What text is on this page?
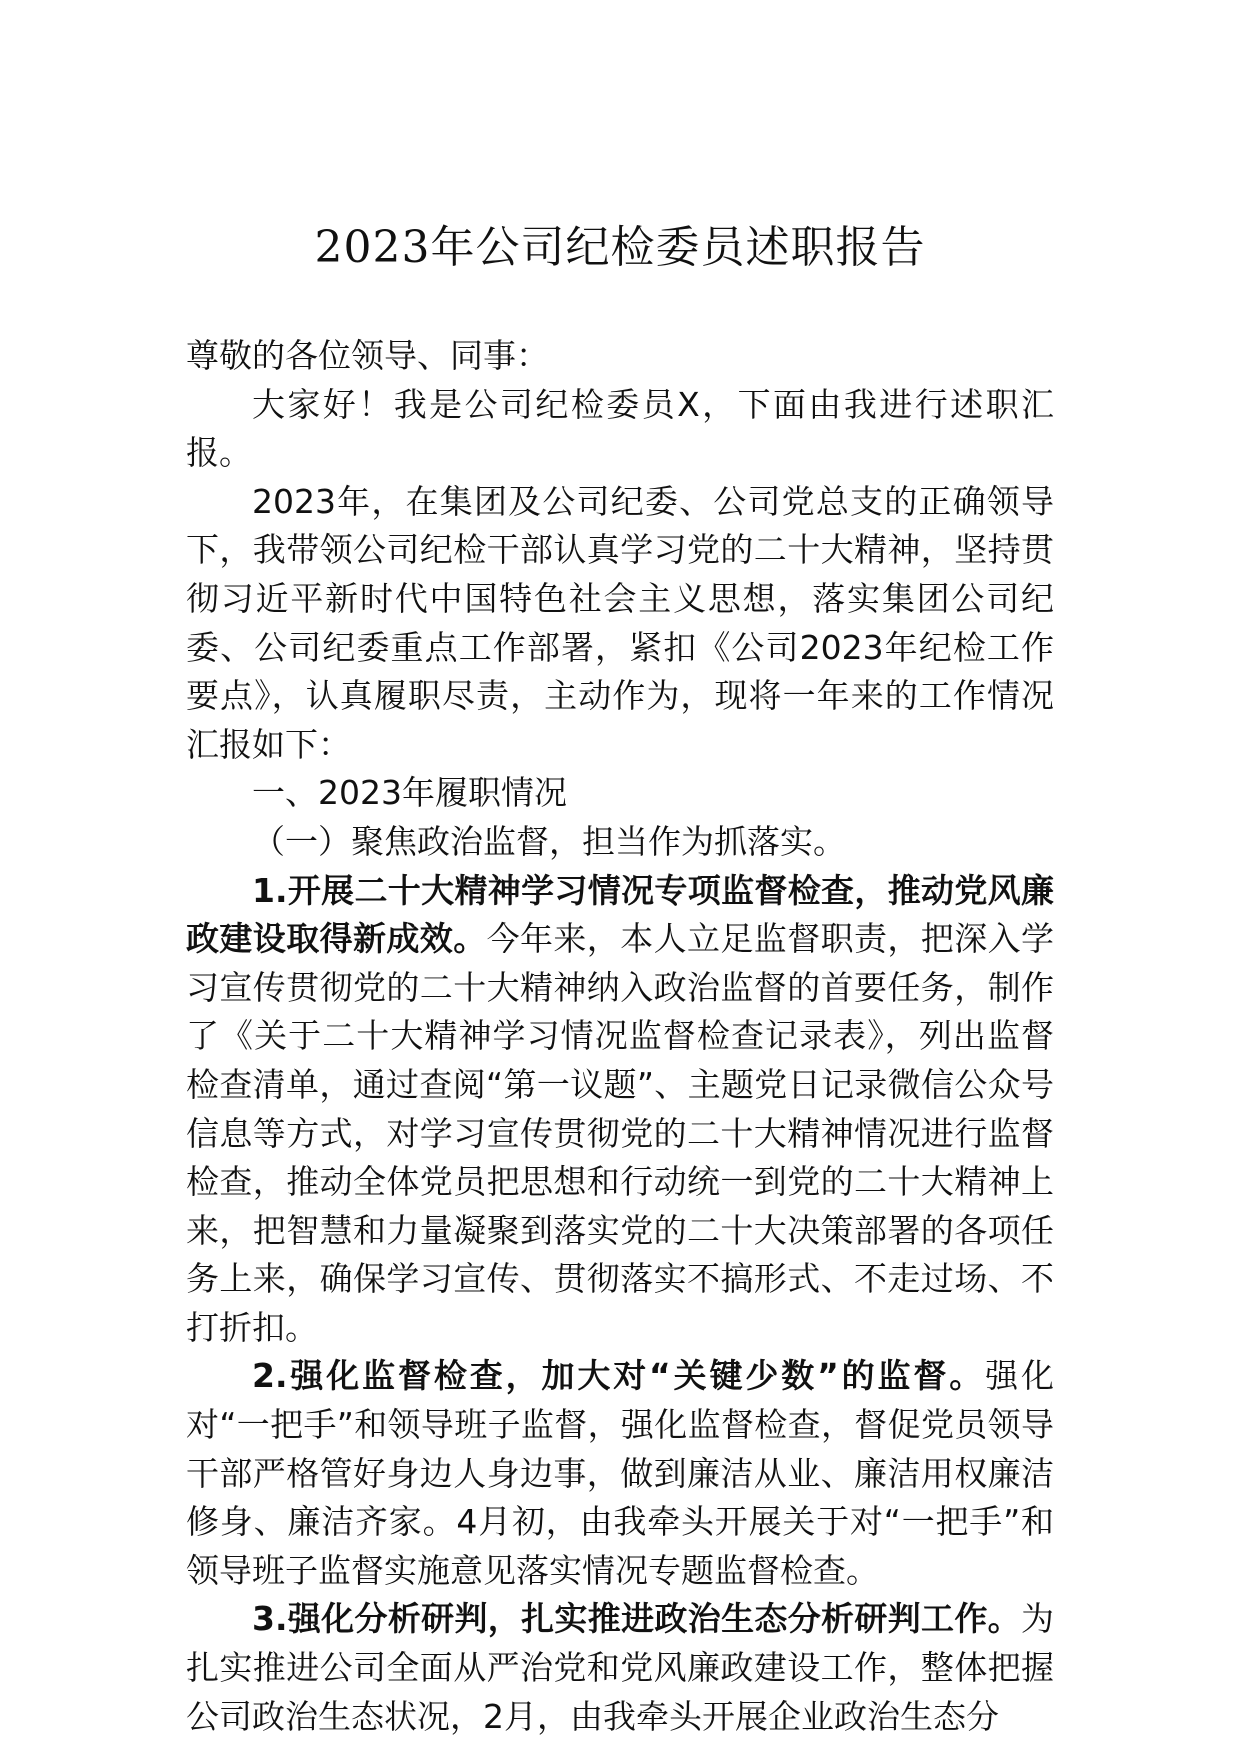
2023年公司纪检委员述职报告

尊敬的各位领导、同事：

大家好！我是公司纪检委员X，下面由我进行述职汇报。

2023年，在集团及公司纪委、公司党总支的正确领导下，我带领公司纪检干部认真学习党的二十大精神，坚持贯彻习近平新时代中国特色社会主义思想，落实集团公司纪委、公司纪委重点工作部署，紧扣《公司2023年纪检工作要点》，认真履职尽责，主动作为，现将一年来的工作情况汇报如下：

一、2023年履职情况

（一）聚焦政治监督，担当作为抓落实。

1.开展二十大精神学习情况专项监督检查，推动党风廉政建设取得新成效。今年来，本人立足监督职责，把深入学习宣传贯彻党的二十大精神纳入政治监督的首要任务，制作了《关于二十大精神学习情况监督检查记录表》，列出监督检查清单，通过查阅“第一议题”、主题党日记录微信公众号信息等方式，对学习宣传贯彻党的二十大精神情况进行监督检查，推动全体党员把思想和行动统一到党的二十大精神上来，把智慧和力量凝聚到落实党的二十大决策部署的各项任务上来，确保学习宣传、贯彻落实不搞形式、不走过场、不打折扣。

2.强化监督检查，加大对“关键少数”的监督。强化对“一把手”和领导班子监督，强化监督检查，督促党员领导干部严格管好身边人身边事，做到廉洁从业、廉洁用权廉洁修身、廉洁齐家。4月初，由我牵头开展关于对“一把手”和领导班子监督实施意见落实情况专题监督检查。

3.强化分析研判，扎实推进政治生态分析研判工作。为扎实推进公司全面从严治党和党风廉政建设工作，整体把握公司政治生态状况，2月，由我牵头开展企业政治生态分
